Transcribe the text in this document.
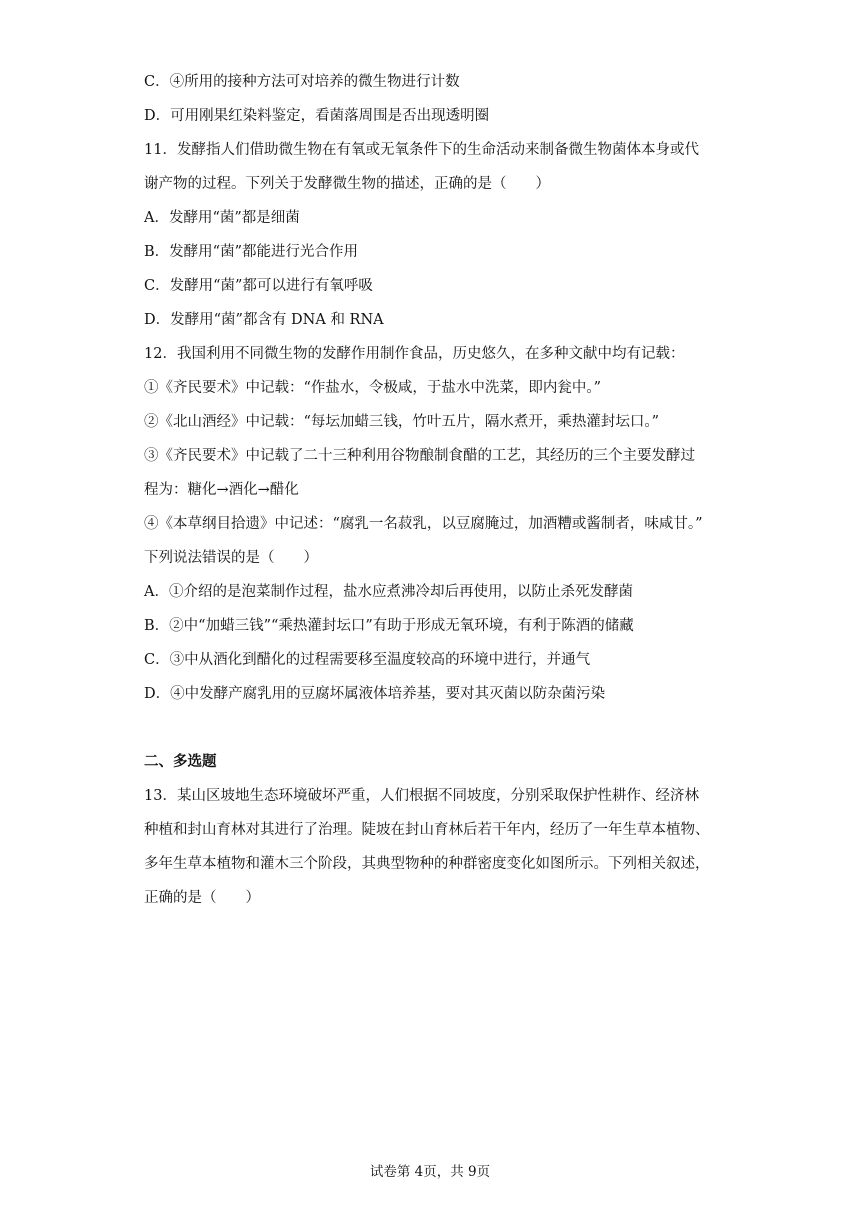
C．④所用的接种方法可对培养的微生物进行计数
D．可用刚果红染料鉴定，看菌落周围是否出现透明圈
11．发酵指人们借助微生物在有氧或无氧条件下的生命活动来制备微生物菌体本身或代
谢产物的过程。下列关于发酵微生物的描述，正确的是（　　）
A．发酵用“菌”都是细菌
B．发酵用“菌”都能进行光合作用
C．发酵用“菌”都可以进行有氧呼吸
D．发酵用“菌”都含有 DNA 和 RNA
12．我国利用不同微生物的发酵作用制作食品，历史悠久，在多种文献中均有记载：
①《齐民要术》中记载：“作盐水，令极咸，于盐水中洗菜，即内瓮中。”
②《北山酒经》中记载：“每坛加蜡三钱，竹叶五片，隔水煮开，乘热灌封坛口。”
③《齐民要术》中记载了二十三种利用谷物酿制食醋的工艺，其经历的三个主要发酵过
程为：糖化→酒化→醋化
④《本草纲目拾遗》中记述：“腐乳一名菽乳，以豆腐腌过，加酒糟或酱制者，味咸甘。”
下列说法错误的是（　　）
A．①介绍的是泡菜制作过程，盐水应煮沸冷却后再使用，以防止杀死发酵菌
B．②中“加蜡三钱”“乘热灌封坛口”有助于形成无氧环境，有利于陈酒的储藏
C．③中从酒化到醋化的过程需要移至温度较高的环境中进行，并通气
D．④中发酵产腐乳用的豆腐坏属液体培养基，要对其灭菌以防杂菌污染
二、多选题
13．某山区坡地生态环境破坏严重，人们根据不同坡度，分别采取保护性耕作、经济林
种植和封山育林对其进行了治理。陡坡在封山育林后若干年内，经历了一年生草本植物、
多年生草本植物和灌木三个阶段，其典型物种的种群密度变化如图所示。下列相关叙述，
正确的是（　　）
试卷第 4页，共 9页
